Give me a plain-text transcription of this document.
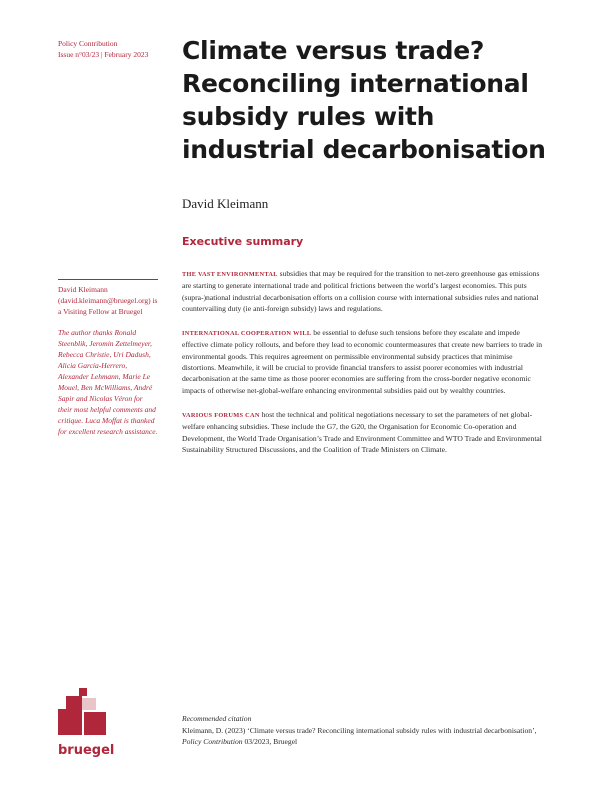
Policy Contribution
Issue n°03/23 | February 2023 Climate versus trade? Reconciling international subsidy rules with industrial decarbonisation
David Kleimann
Executive summary

David Kleimann (david.kleimann@bruegel.org) is a Visiting Fellow at Bruegel

The author thanks Ronald Steenblik, Jeromin Zettelmeyer, Rebecca Christie, Uri Dadush, Alicia García-Herrero, Alexander Lehmann, Marie Le Mouel, Ben McWilliams, André Sapir and Nicolas Véron for their most helpful comments and critique. Luca Moffat is thanked for excellent research assistance.

THE VAST ENVIRONMENTAL subsidies that may be required for the transition to net-zero greenhouse gas emissions are starting to generate international trade and political frictions between the world’s largest economies. This puts (supra-)national industrial decarbonisation efforts on a collision course with international subsidies rules and national countervailing duty (ie anti-foreign subsidy) laws and regulations.

INTERNATIONAL COOPERATION WILL be essential to defuse such tensions before they escalate and impede effective climate policy rollouts, and before they lead to economic countermeasures that create new barriers to trade in environmental goods. This requires agreement on permissible environmental subsidy practices that minimise distortions. Meanwhile, it will be crucial to provide financial transfers to assist poorer economies with industrial decarbonisation at the same time as those poorer economies are suffering from the cross-border negative economic impacts of otherwise net-global-welfare enhancing environmental subsidies paid out by wealthy countries.

VARIOUS FORUMS CAN host the technical and political negotiations necessary to set the parameters of net global-welfare enhancing subsidies. These include the G7, the G20, the Organisation for Economic Co-operation and Development, the World Trade Organisation’s Trade and Environment Committee and WTO Trade and Environmental Sustainability Structured Discussions, and the Coalition of Trade Ministers on Climate.

bruegel

Recommended citation

Kleimann, D. (2023) ‘Climate versus trade? Reconciling international subsidy rules with industrial decarbonisation’, Policy Contribution 03/2023, Bruegel
